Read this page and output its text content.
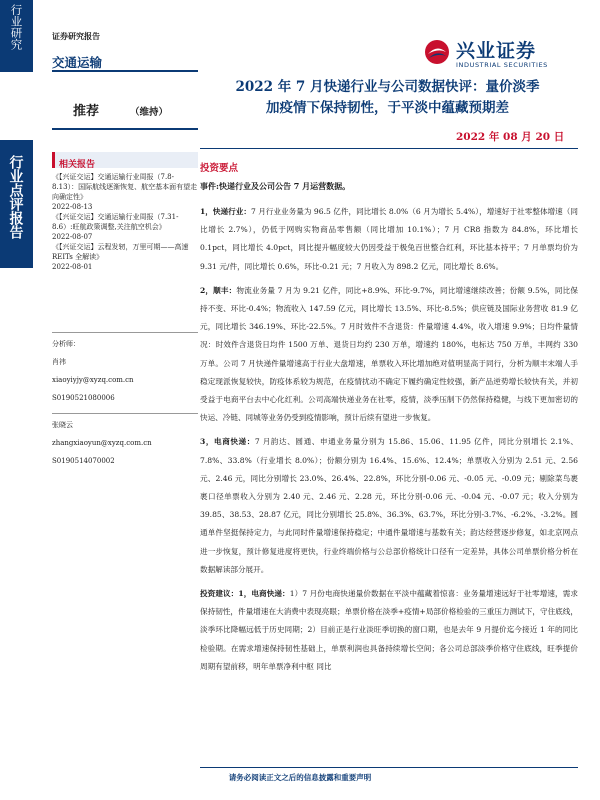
行业研究
行业点评报告
证券研究报告
交通运输
兴业证券
INDUSTRIAL SECURITIES
推荐	（维持）
2022 年 7 月快递行业与公司数据快评：量价淡季
加疫情下保持韧性，于平淡中蕴藏预期差
2022 年 08 月 20 日
相关报告
《【兴证交运】交通运输行业周报（7.8-8.13）：国际航线逐渐恢复、航空基本面有望走向确定性》
2022-08-13
《【兴证交运】交通运输行业周报（7.31-8.6）:旺航政策调整,关注航空机会》
2022-08-07
《【兴证交运】云程发轫，万里可期——高速 REITs 全解读》
2022-08-01
分析师：
肖祎
xiaoyiyjy@xyzq.com.cn
S0190521080006
张晓云
zhangxiaoyun@xyzq.com.cn
S0190514070002
投资要点
事件:快递行业及公司公告 7 月运营数据。
1，快递行业：7 月行业业务量为 96.5 亿件，同比增长 8.0%（6 月为增长 5.4%），增速好于社零整体增速（同比增长 2.7%），仍低于网购实物商品零售额（同比增加 10.1%）；7 月 CR8 指数为 84.8%，环比增长 0.1pct，同比增长 4.0pct，同比提升幅度较大仍因受益于极兔百世整合红利，环比基本持平；7 月单票均价为 9.31 元/件，同比增长 0.6%，环比-0.21 元；7 月收入为 898.2 亿元，同比增长 8.6%。
2，顺丰：物流业务量 7 月为 9.21 亿件，同比+8.9%、环比-9.7%，同比增速继续改善；份额 9.5%，同比保持不变、环比-0.4%；物流收入 147.59 亿元，同比增长 13.5%、环比-8.5%；供应链及国际业务营收 81.9 亿元，同比增长 346.19%、环比-22.5%。7 月时效件不含退货：件量增速 4.4%，收入增速 9.9%；日均件量情况：时效件含退货日均件 1500 万单、退货日均约 230 万单，增速约 180%，电标达 750 万单，丰网约 330 万单。公司 7 月快递件量增速高于行业大盘增速，单票收入环比增加绝对值明显高于同行，分析为顺丰末端人手稳定现派恢复较快，防疫体系较为规范，在疫情扰动不确定下履约确定性较强，新产品逆势增长较快有关，并初受益于电商平台去中心化红利。公司高端快递业务在社零，疫情，淡季压制下仍然保持稳健，与线下更加密切的快运、冷链、同城等业务仍受到疫情影响，预计后续有望进一步恢复。
3，电商快递：7 月韵达、圆通、申通业务量分别为 15.86、15.06、11.95 亿件，同比分别增长 2.1%、7.8%、33.8%（行业增长 8.0%）；份额分别为 16.4%、15.6%、12.4%；单票收入分别为 2.51 元、2.56 元、2.46 元，同比分别增长 23.0%、26.4%、22.8%，环比分别-0.06 元、-0.05 元、-0.09 元；剔除菜鸟裹裹口径单票收入分别为 2.40 元、2.46 元、2.28 元，环比分别-0.06 元、-0.04 元、-0.07 元；收入分别为 39.85、38.53、28.87 亿元，同比分别增长 25.8%、36.3%、63.7%，环比分别-3.7%、-6.2%、-3.2%。圆通单件坚挺保持定力，与此同时件量增速保持稳定；中通件量增速与基数有关；韵达经营逐步修复，如北京网点进一步恢复，预计修复进度将更快，行业终端价格与公总部价格统计口径有一定差异，具体公司单票价格分析在数据解读部分展开。
投资建议：1，电商快递：1）7 月份电商快递量价数据在平淡中蕴藏着惊喜：业务量增速远好于社零增速，需求保持韧性，件量增速在大消费中表现亮眼；单票价格在淡季+疫情+局部价格检验的三重压力测试下，守住底线，淡季环比降幅远低于历史同期；2）目前正是行业淡旺季切换的窗口期，也是去年 9 月提价迄今接近 1 年的同比检验期。在需求增速保持韧性基础上，单票利润也具备持续增长空间；各公司总部淡季价格守住底线，旺季提价周期有望前移，明年单票净利中枢 同比
请务必阅读正文之后的信息披露和重要声明
